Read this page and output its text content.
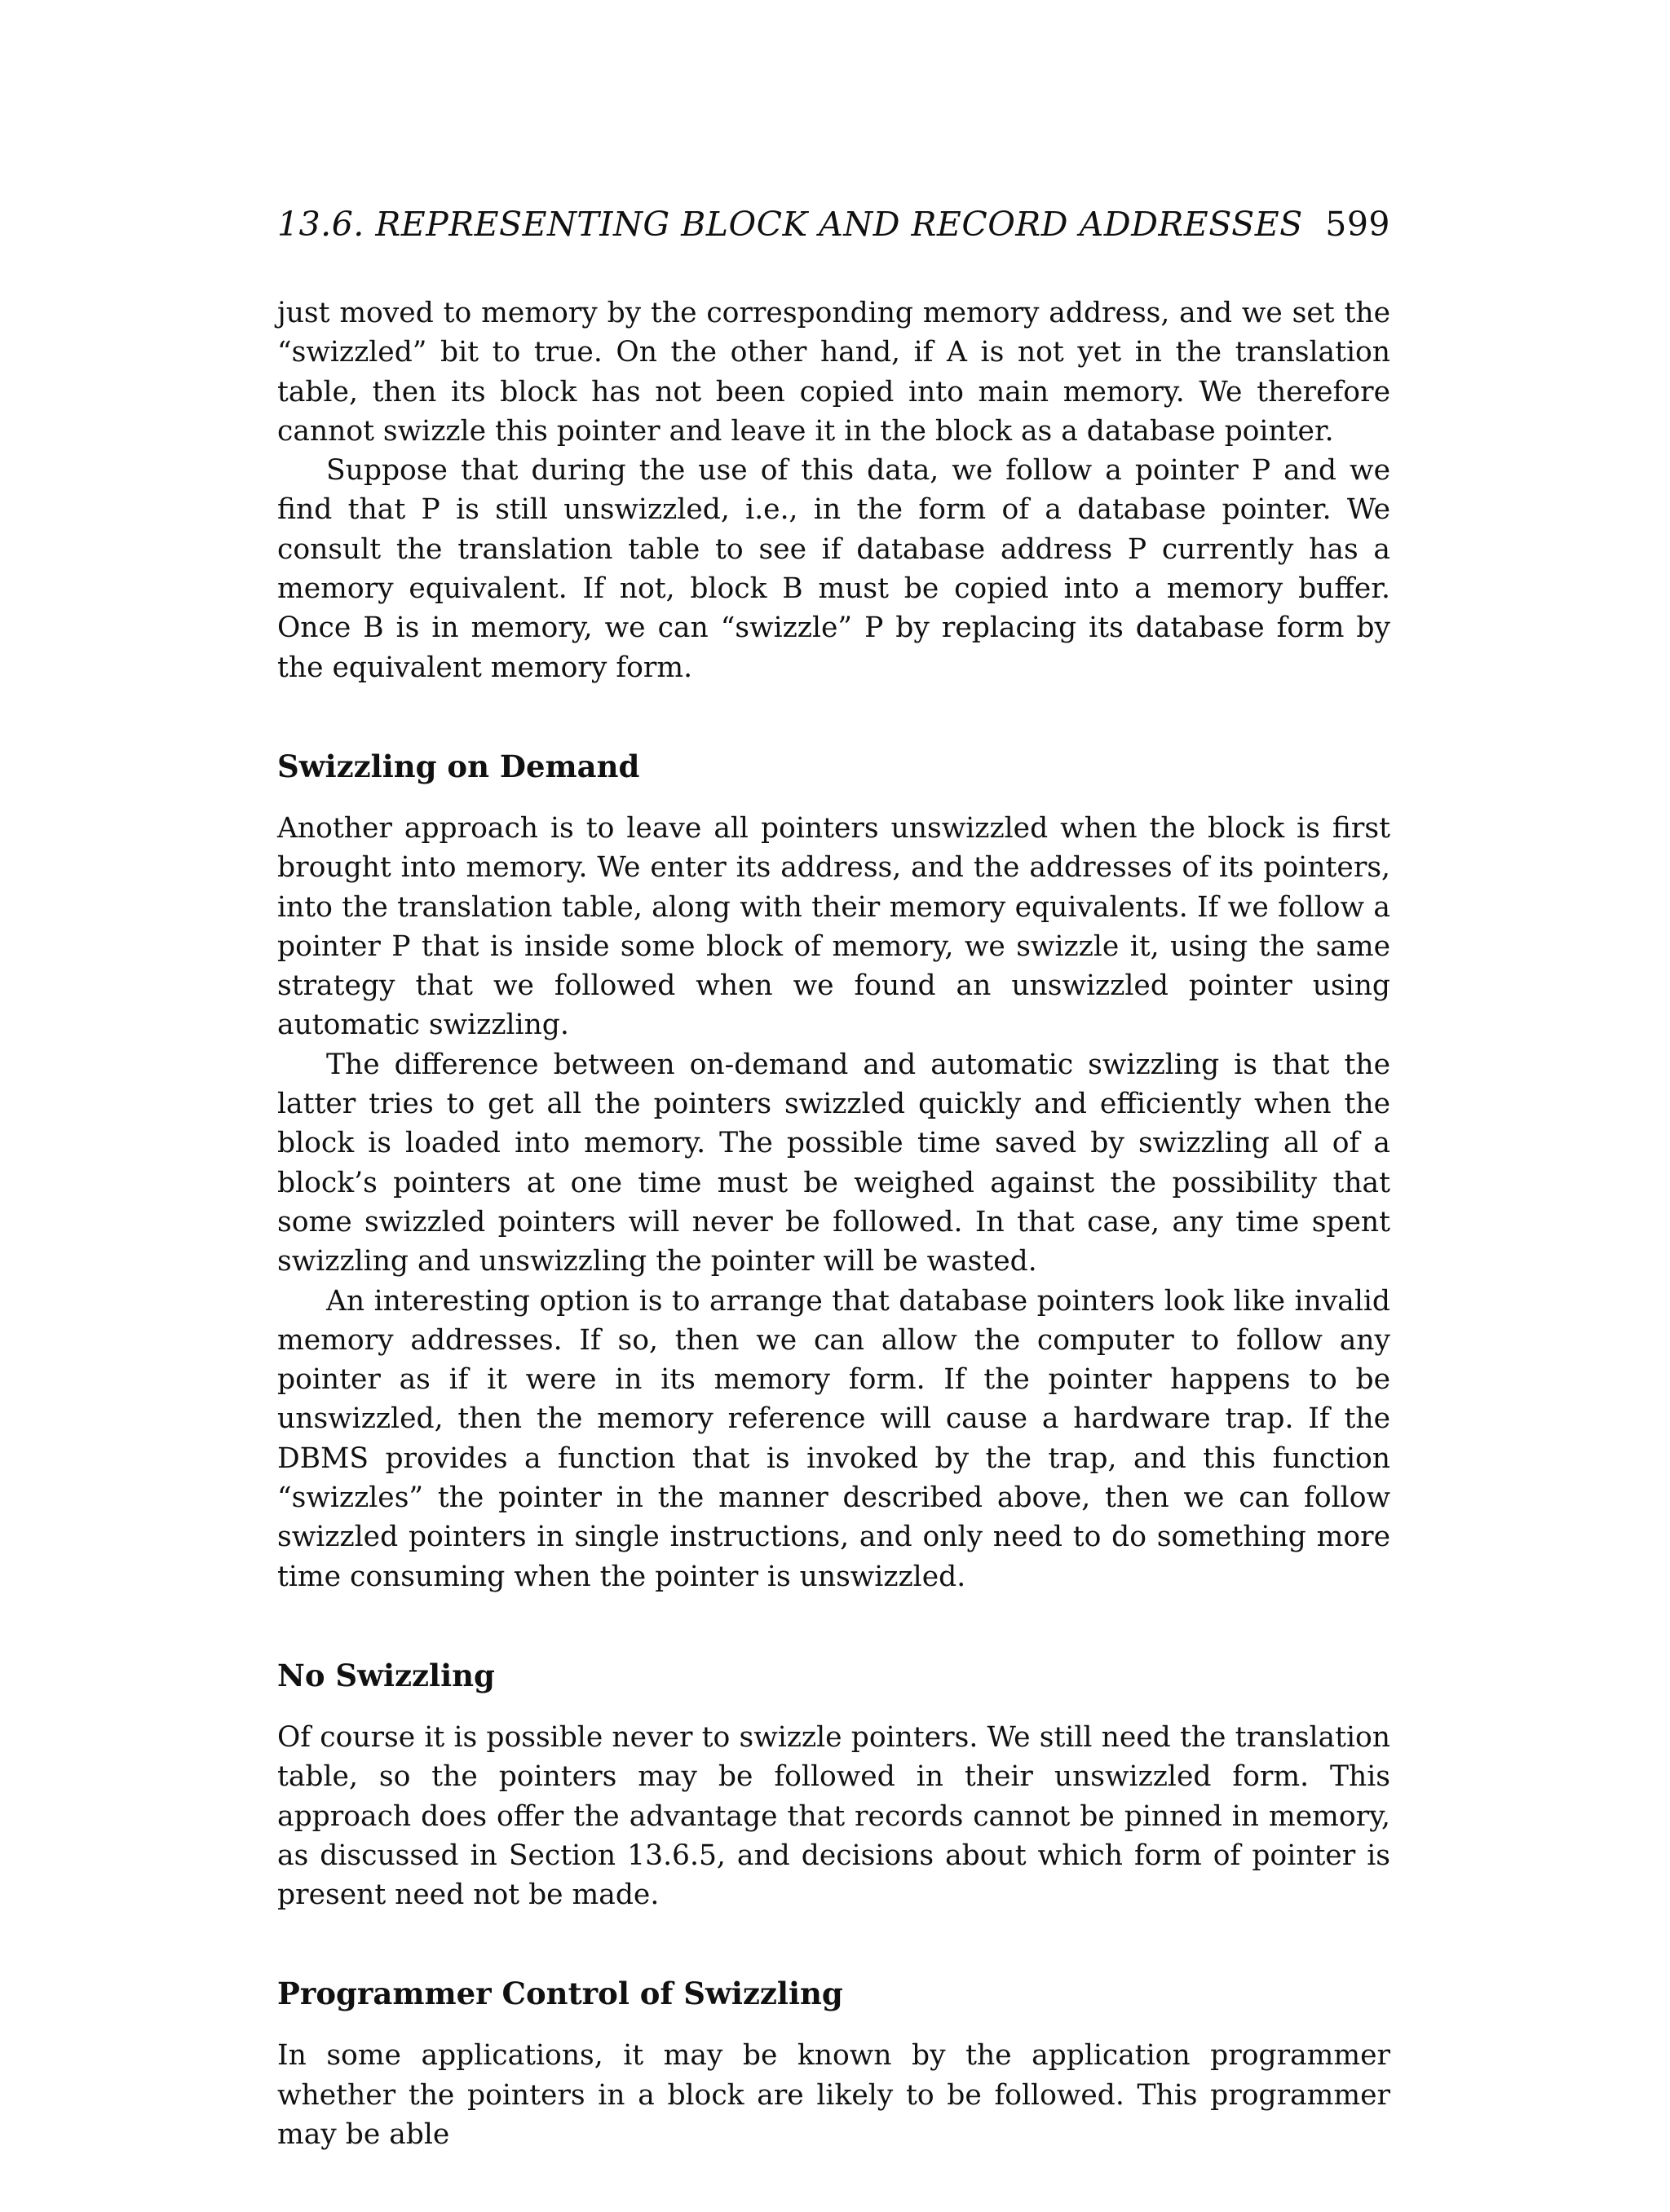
13.6. REPRESENTING BLOCK AND RECORD ADDRESSES 599

just moved to memory by the corresponding memory address, and we set the “swizzled” bit to true. On the other hand, if A is not yet in the translation table, then its block has not been copied into main memory. We therefore cannot swizzle this pointer and leave it in the block as a database pointer.

Suppose that during the use of this data, we follow a pointer P and we find that P is still unswizzled, i.e., in the form of a database pointer. We consult the translation table to see if database address P currently has a memory equivalent. If not, block B must be copied into a memory buffer. Once B is in memory, we can “swizzle” P by replacing its database form by the equivalent memory form.

Swizzling on Demand

Another approach is to leave all pointers unswizzled when the block is first brought into memory. We enter its address, and the addresses of its pointers, into the translation table, along with their memory equivalents. If we follow a pointer P that is inside some block of memory, we swizzle it, using the same strategy that we followed when we found an unswizzled pointer using automatic swizzling.

The difference between on-demand and automatic swizzling is that the latter tries to get all the pointers swizzled quickly and efficiently when the block is loaded into memory. The possible time saved by swizzling all of a block’s pointers at one time must be weighed against the possibility that some swizzled pointers will never be followed. In that case, any time spent swizzling and unswizzling the pointer will be wasted.

An interesting option is to arrange that database pointers look like invalid memory addresses. If so, then we can allow the computer to follow any pointer as if it were in its memory form. If the pointer happens to be unswizzled, then the memory reference will cause a hardware trap. If the DBMS provides a function that is invoked by the trap, and this function “swizzles” the pointer in the manner described above, then we can follow swizzled pointers in single instructions, and only need to do something more time consuming when the pointer is unswizzled.

No Swizzling

Of course it is possible never to swizzle pointers. We still need the translation table, so the pointers may be followed in their unswizzled form. This approach does offer the advantage that records cannot be pinned in memory, as discussed in Section 13.6.5, and decisions about which form of pointer is present need not be made.

Programmer Control of Swizzling

In some applications, it may be known by the application programmer whether the pointers in a block are likely to be followed. This programmer may be able
